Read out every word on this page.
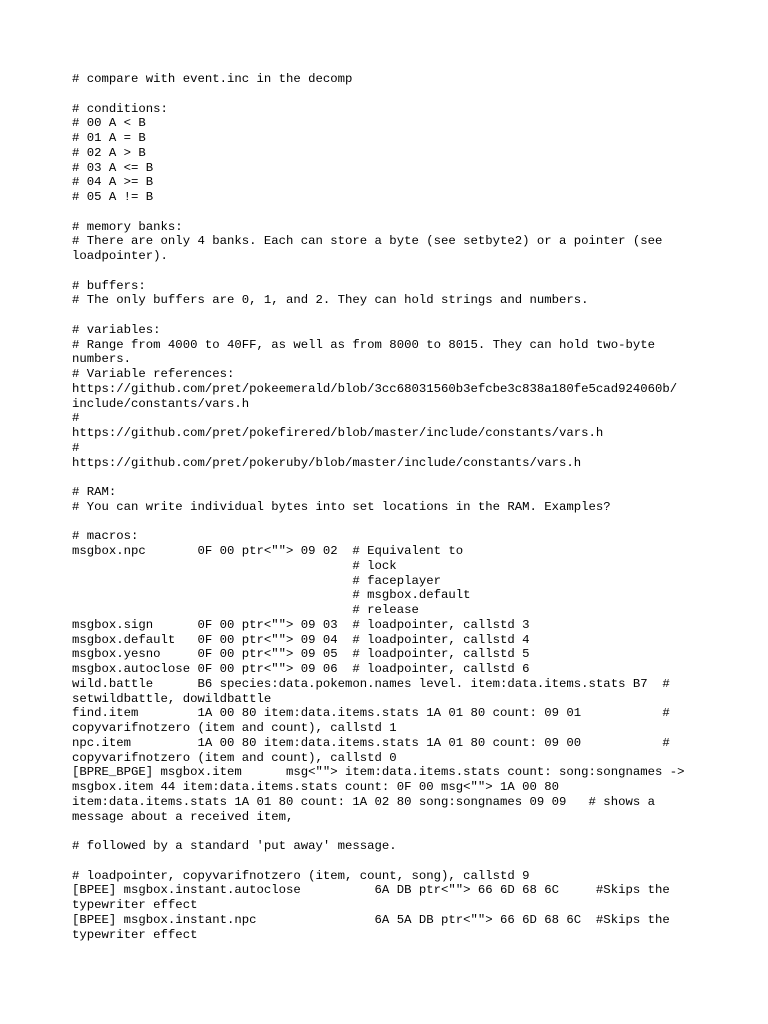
# compare with event.inc in the decomp
# conditions:
# 00 A < B
# 01 A = B
# 02 A > B
# 03 A <= B
# 04 A >= B
# 05 A != B
# memory banks:
# There are only 4 banks. Each can store a byte (see setbyte2) or a pointer (see
loadpointer).
# buffers:
# The only buffers are 0, 1, and 2. They can hold strings and numbers.
# variables:
# Range from 4000 to 40FF, as well as from 8000 to 8015. They can hold two-byte
numbers.
# Variable references:
https://github.com/pret/pokeemerald/blob/3cc68031560b3efcbe3c838a180fe5cad924060b/
include/constants/vars.h
#
https://github.com/pret/pokefirered/blob/master/include/constants/vars.h
#
https://github.com/pret/pokeruby/blob/master/include/constants/vars.h
# RAM:
# You can write individual bytes into set locations in the RAM. Examples?
# macros:
msgbox.npc       0F 00 ptr<""> 09 02  # Equivalent to
# lock
# faceplayer
# msgbox.default
# release
msgbox.sign      0F 00 ptr<""> 09 03  # loadpointer, callstd 3
msgbox.default   0F 00 ptr<""> 09 04  # loadpointer, callstd 4
msgbox.yesno     0F 00 ptr<""> 09 05  # loadpointer, callstd 5
msgbox.autoclose 0F 00 ptr<""> 09 06  # loadpointer, callstd 6
wild.battle      B6 species:data.pokemon.names level. item:data.items.stats B7  #
setwildbattle, dowildbattle
find.item        1A 00 80 item:data.items.stats 1A 01 80 count: 09 01           #
copyvarifnotzero (item and count), callstd 1
npc.item         1A 00 80 item:data.items.stats 1A 01 80 count: 09 00           #
copyvarifnotzero (item and count), callstd 0
[BPRE_BPGE] msgbox.item      msg<""> item:data.items.stats count: song:songnames ->
msgbox.item 44 item:data.items.stats count: 0F 00 msg<""> 1A 00 80
item:data.items.stats 1A 01 80 count: 1A 02 80 song:songnames 09 09   # shows a
message about a received item,
# followed by a standard 'put away' message.
# loadpointer, copyvarifnotzero (item, count, song), callstd 9
[BPEE] msgbox.instant.autoclose          6A DB ptr<""> 66 6D 68 6C     #Skips the
typewriter effect
[BPEE] msgbox.instant.npc                6A 5A DB ptr<""> 66 6D 68 6C  #Skips the
typewriter effect
